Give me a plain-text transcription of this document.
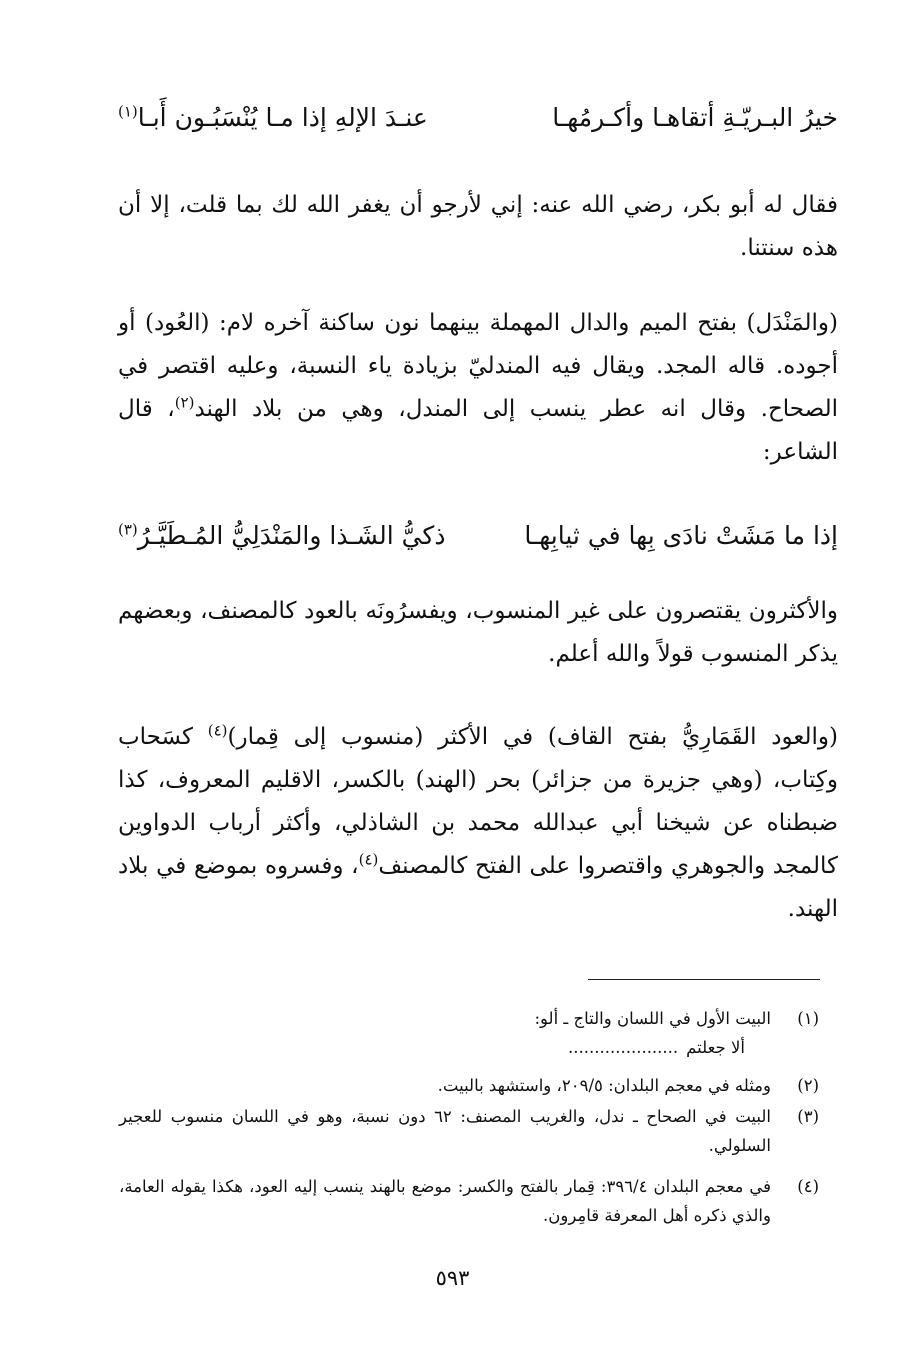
خيرُ البـريّـةِ أتقاهـا وأكـرمُهـا
عنـدَ الإلهِ إذا مـا يُنْسَبُـون أَبـا$^{(١)}$

فقال له أبو بكر، رضي الله عنه: إني لأرجو أن يغفر الله لك بما قلت، إلا أن هذه سنتنا.

(والمَنْدَل) بفتح الميم والدال المهملة بينهما نون ساكنة آخره لام: (العُود) أو أجوده. قاله المجد. ويقال فيه المندليّ بزيادة ياء النسبة، وعليه اقتصر في الصحاح. وقال انه عطر ينسب إلى المندل، وهي من بلاد الهند$^{(٢)}$، قال الشاعر:

إذا ما مَشَتْ نادَى بِها في ثيابِهـا
ذكيُّ الشَـذا والمَنْدَلِيُّ المُـطَيَّـرُ$^{(٣)}$

والأكثرون يقتصرون على غير المنسوب، ويفسرُونَه بالعود كالمصنف، وبعضهم يذكر المنسوب قولاً والله أعلم.

(والعود القَمَارِيُّ بفتح القاف) في الأكثر (منسوب إلى قِمار)$^{(٤)}$ كسَحاب وكِتاب، (وهي جزيرة من جزائر) بحر (الهند) بالكسر، الاقليم المعروف، كذا ضبطناه عن شيخنا أبي عبدالله محمد بن الشاذلي، وأكثر أرباب الدواوين كالمجد والجوهري واقتصروا على الفتح كالمصنف$^{(٤)}$، وفسروه بموضع في بلاد الهند.

(١)
البيت الأول في اللسان والتاج ـ ألو:
ألا جعلتم.....................
(٢)
ومثله في معجم البلدان: ٢٠٩/٥، واستشهد بالبيت.
(٣)
البيت في الصحاح ـ ندل، والغريب المصنف: ٦٢ دون نسبة، وهو في اللسان منسوب للعجير السلولي.
(٤)
في معجم البلدان ٣٩٦/٤: قِمار بالفتح والكسر: موضع بالهند ينسب إليه العود، هكذا يقوله العامة، والذي ذكره أهل المعرفة قامِرون.
٥٩٣
